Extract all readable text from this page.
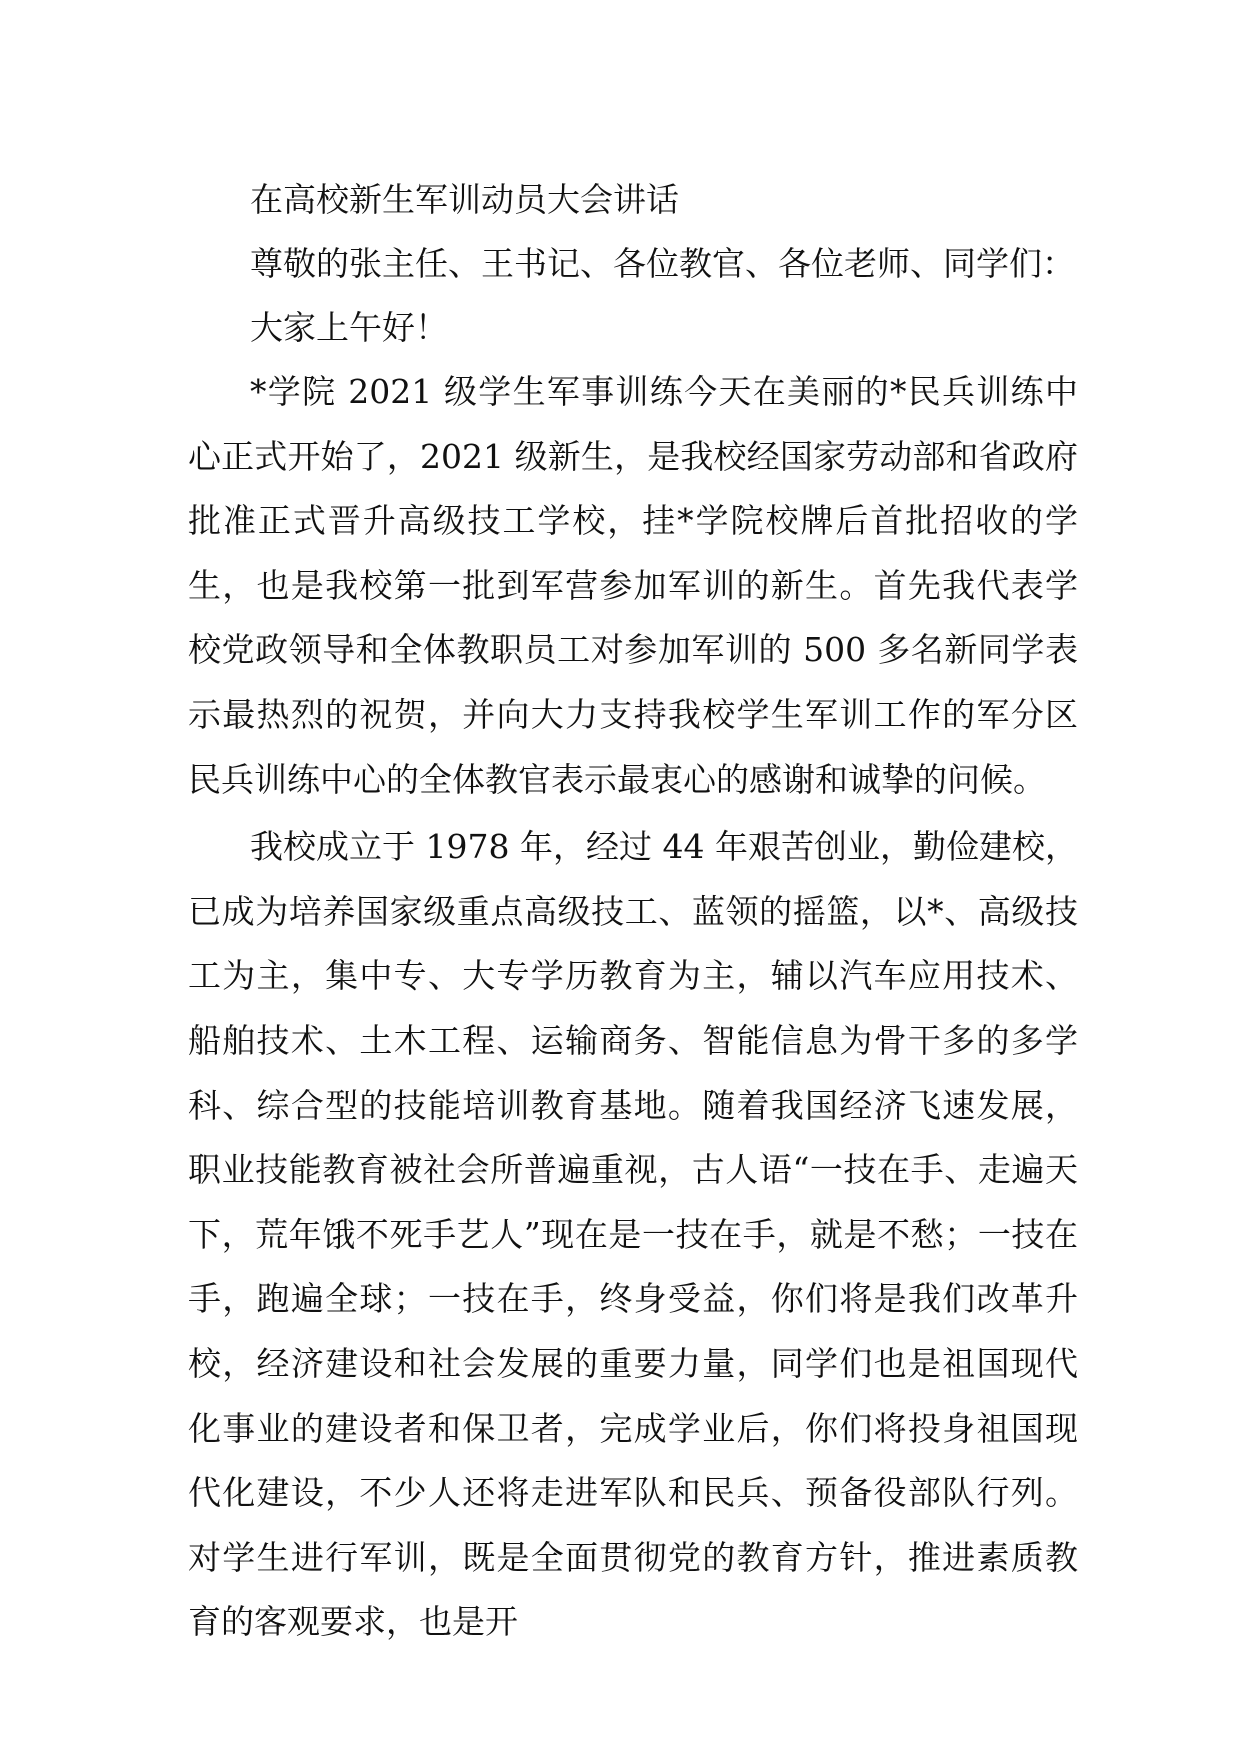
在高校新生军训动员大会讲话

尊敬的张主任、王书记、各位教官、各位老师、同学们：

大家上午好！

*学院 2021 级学生军事训练今天在美丽的*民兵训练中心正式开始了，2021 级新生，是我校经国家劳动部和省政府批准正式晋升高级技工学校，挂*学院校牌后首批招收的学生，也是我校第一批到军营参加军训的新生。首先我代表学校党政领导和全体教职员工对参加军训的 500 多名新同学表示最热烈的祝贺，并向大力支持我校学生军训工作的军分区民兵训练中心的全体教官表示最衷心的感谢和诚挚的问候。

我校成立于 1978 年，经过 44 年艰苦创业，勤俭建校，已成为培养国家级重点高级技工、蓝领的摇篮，以*、高级技工为主，集中专、大专学历教育为主，辅以汽车应用技术、船舶技术、土木工程、运输商务、智能信息为骨干多的多学科、综合型的技能培训教育基地。随着我国经济飞速发展，职业技能教育被社会所普遍重视，古人语“一技在手、走遍天下，荒年饿不死手艺人”现在是一技在手，就是不愁；一技在手，跑遍全球；一技在手，终身受益，你们将是我们改革升校，经济建设和社会发展的重要力量，同学们也是祖国现代化事业的建设者和保卫者，完成学业后，你们将投身祖国现代化建设，不少人还将走进军队和民兵、预备役部队行列。对学生进行军训，既是全面贯彻党的教育方针，推进素质教育的客观要求，也是开
